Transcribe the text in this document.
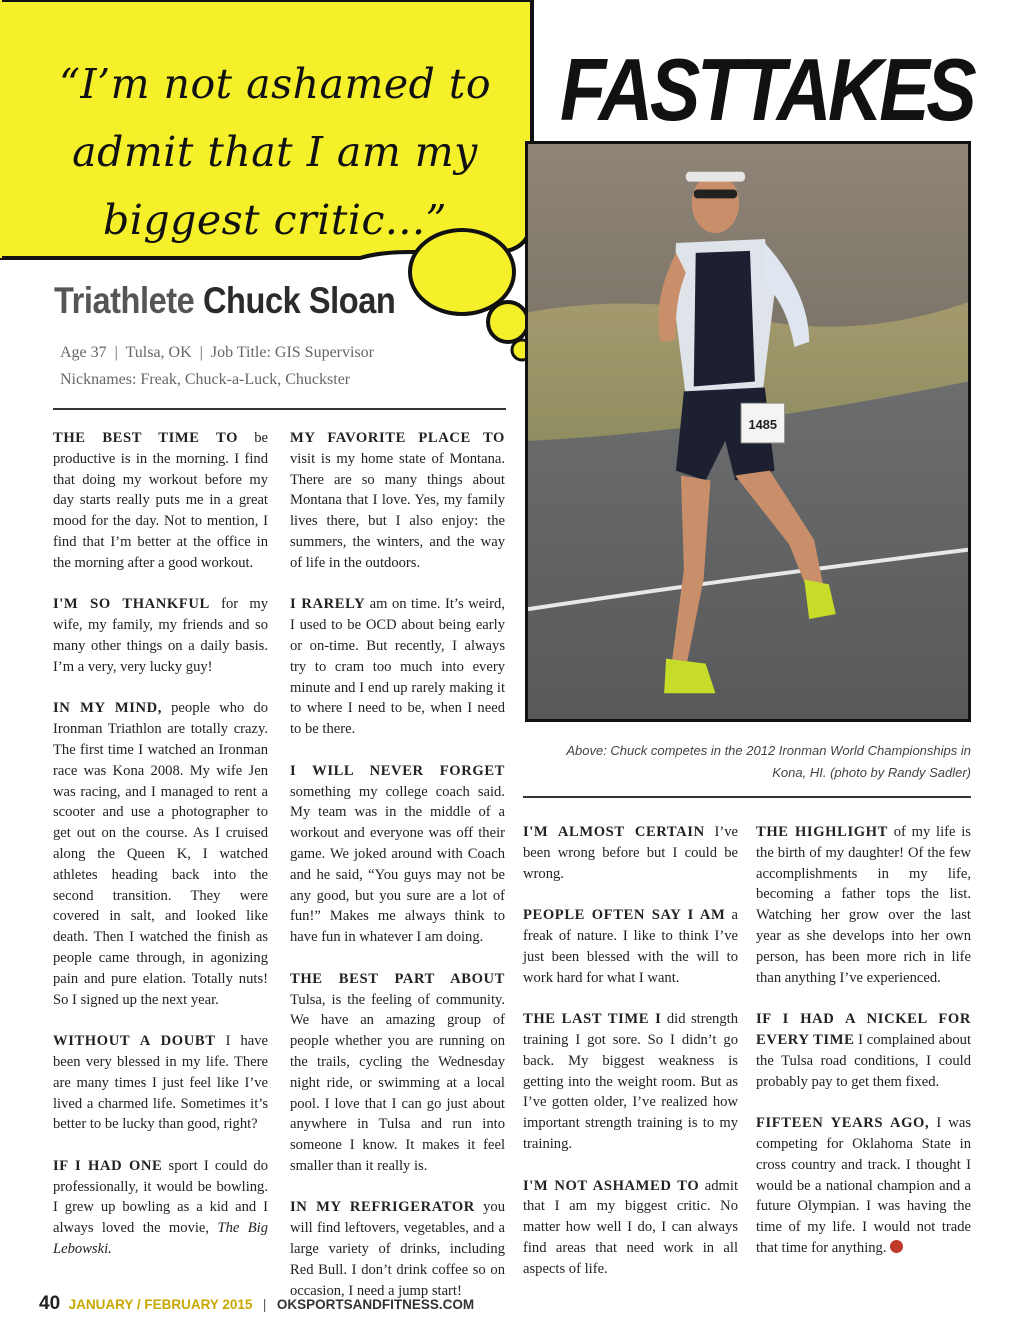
“I’m not ashamed to
admit that I am my
biggest critic...”
FASTTAKES
1485
Above: Chuck competes in the 2012 Ironman World Championships in
Kona, HI. (photo by Randy Sadler)
Triathlete Chuck Sloan
Age 37  |  Tulsa, OK  |  Job Title: GIS Supervisor
Nicknames: Freak, Chuck-a-Luck, Chuckster

THE BEST TIME TO be productive is in the morning. I find that doing my workout before my day starts really puts me in a great mood for the day. Not to mention, I find that I’m better at the office in the morning after a good workout.

I'M SO THANKFUL for my wife, my family, my friends and so many other things on a daily basis. I’m a very, very lucky guy!

IN MY MIND, people who do Ironman Triathlon are totally crazy. The first time I watched an Ironman race was Kona 2008. My wife Jen was racing, and I managed to rent a scooter and use a photographer to get out on the course. As I cruised along the Queen K, I watched athletes heading back into the second transition. They were covered in salt, and looked like death. Then I watched the finish as people came through, in agonizing pain and pure elation. Totally nuts! So I signed up the next year.

WITHOUT A DOUBT I have been very blessed in my life. There are many times I just feel like I’ve lived a charmed life. Sometimes it’s better to be lucky than good, right?

IF I HAD ONE sport I could do professionally, it would be bowling. I grew up bowling as a kid and I always loved the movie, The Big Lebowski.

MY FAVORITE PLACE TO visit is my home state of Montana. There are so many things about Montana that I love. Yes, my family lives there, but I also enjoy: the summers, the winters, and the way of life in the outdoors.

I RARELY am on time. It’s weird, I used to be OCD about being early or on-time. But recently, I always try to cram too much into every minute and I end up rarely making it to where I need to be, when I need to be there.

I WILL NEVER FORGET something my college coach said. My team was in the middle of a workout and everyone was off their game. We joked around with Coach and he said, “You guys may not be any good, but you sure are a lot of fun!” Makes me always think to have fun in whatever I am doing.

THE BEST PART ABOUT Tulsa, is the feeling of community. We have an amazing group of people whether you are running on the trails, cycling the Wednesday night ride, or swimming at a local pool. I love that I can go just about anywhere in Tulsa and run into someone I know. It makes it feel smaller than it really is.

IN MY REFRIGERATOR you will find leftovers, vegetables, and a large variety of drinks, including Red Bull. I don’t drink coffee so on occasion, I need a jump start!

I'M ALMOST CERTAIN I’ve been wrong before but I could be wrong.

PEOPLE OFTEN SAY I AM a freak of nature. I like to think I’ve just been blessed with the will to work hard for what I want.

THE LAST TIME I did strength training I got sore. So I didn’t go back. My biggest weakness is getting into the weight room. But as I’ve gotten older, I’ve realized how important strength training is to my training.

I'M NOT ASHAMED TO admit that I am my biggest critic. No matter how well I do, I can always find areas that need work in all aspects of life.

THE HIGHLIGHT of my life is the birth of my daughter! Of the few accomplishments in my life, becoming a father tops the list. Watching her grow over the last year as she develops into her own person, has been more rich in life than anything I’ve experienced.

IF I HAD A NICKEL FOR EVERY TIME I complained about the Tulsa road conditions, I could probably pay to get them fixed.

FIFTEEN YEARS AGO, I was competing for Oklahoma State in cross country and track. I thought I would be a national champion and a future Olympian. I was having the time of my life. I would not trade that time for anything.

40 JANUARY / FEBRUARY 2015 | OKSPORTSANDFITNESS.COM
